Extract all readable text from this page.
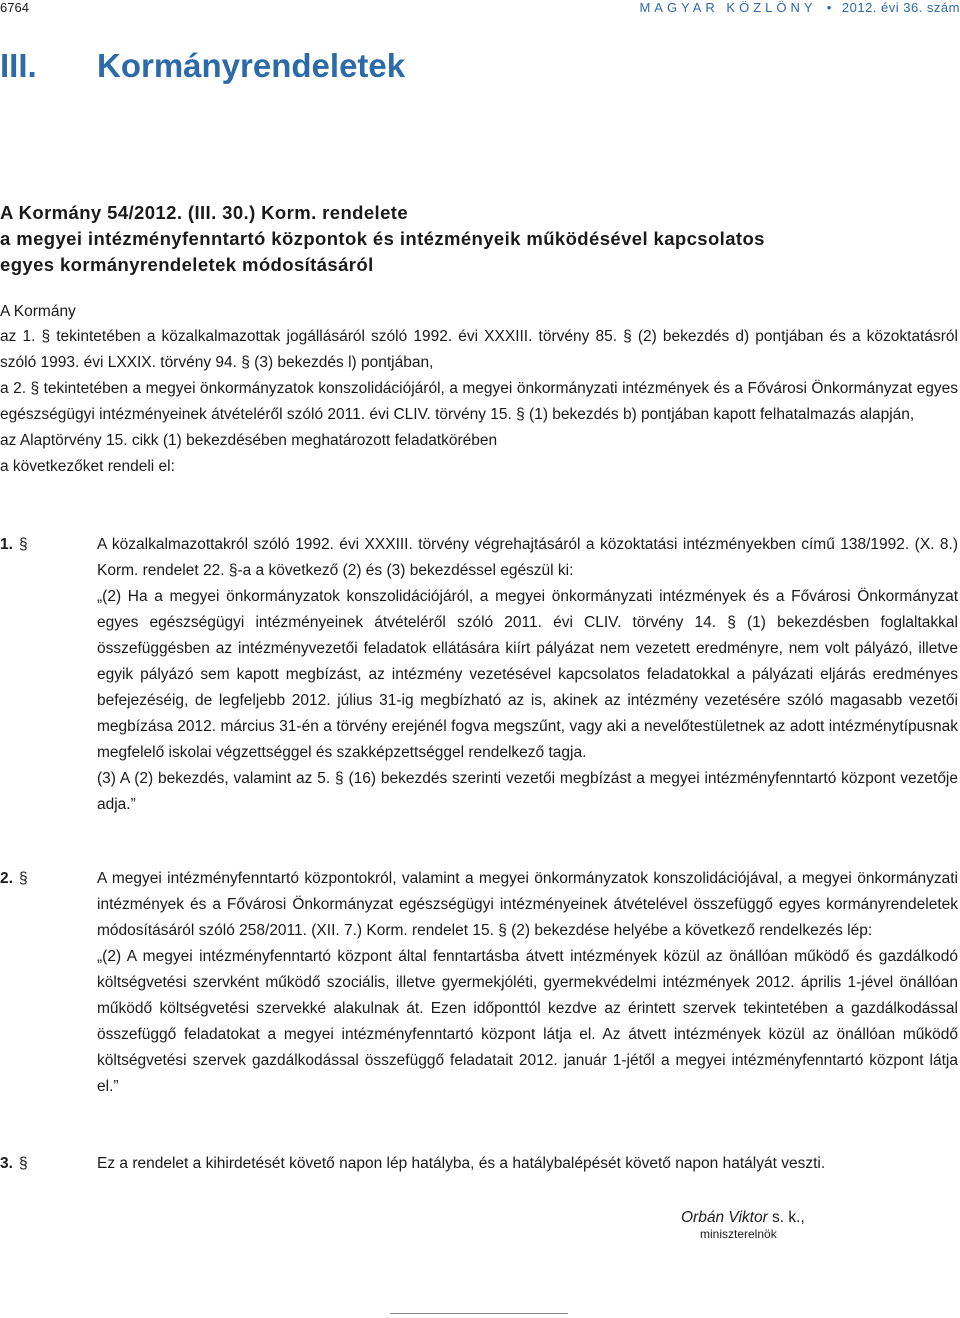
6764	MAGYAR KÖZLÖNY • 2012. évi 36. szám
III. Kormányrendeletek
A Kormány 54/2012. (III. 30.) Korm. rendelete
a megyei intézményfenntartó központok és intézményeik működésével kapcsolatos
egyes kormányrendeletek módosításáról
A Kormány

az 1. § tekintetében a közalkalmazottak jogállásáról szóló 1992. évi XXXIII. törvény 85. § (2) bekezdés d) pontjában és a közoktatásról szóló 1993. évi LXXIX. törvény 94. § (3) bekezdés l) pontjában,

a 2. § tekintetében a megyei önkormányzatok konszolidációjáról, a megyei önkormányzati intézmények és a Fővárosi Önkormányzat egyes egészségügyi intézményeinek átvételéről szóló 2011. évi CLIV. törvény 15. § (1) bekezdés b) pontjában kapott felhatalmazás alapján,

az Alaptörvény 15. cikk (1) bekezdésében meghatározott feladatkörében

a következőket rendeli el:

1. §	A közalkalmazottakról szóló 1992. évi XXXIII. törvény végrehajtásáról a közoktatási intézményekben című 138/1992. (X. 8.) Korm. rendelet 22. §-a a következő (2) és (3) bekezdéssel egészül ki:

„(2) Ha a megyei önkormányzatok konszolidációjáról, a megyei önkormányzati intézmények és a Fővárosi Önkormányzat egyes egészségügyi intézményeinek átvételéről szóló 2011. évi CLIV. törvény 14. § (1) bekezdésben foglaltakkal összefüggésben az intézményvezetői feladatok ellátására kiírt pályázat nem vezetett eredményre, nem volt pályázó, illetve egyik pályázó sem kapott megbízást, az intézmény vezetésével kapcsolatos feladatokkal a pályázati eljárás eredményes befejezéséig, de legfeljebb 2012. július 31-ig megbízható az is, akinek az intézmény vezetésére szóló magasabb vezetői megbízása 2012. március 31-én a törvény erejénél fogva megszűnt, vagy aki a nevelőtestületnek az adott intézménytípusnak megfelelő iskolai végzettséggel és szakképzettséggel rendelkező tagja.

(3) A (2) bekezdés, valamint az 5. § (16) bekezdés szerinti vezetői megbízást a megyei intézményfenntartó központ vezetője adja.”

2. §	A megyei intézményfenntartó központokról, valamint a megyei önkormányzatok konszolidációjával, a megyei önkormányzati intézmények és a Fővárosi Önkormányzat egészségügyi intézményeinek átvételével összefüggő egyes kormányrendeletek módosításáról szóló 258/2011. (XII. 7.) Korm. rendelet 15. § (2) bekezdése helyébe a következő rendelkezés lép:

„(2) A megyei intézményfenntartó központ által fenntartásba átvett intézmények közül az önállóan működő és gazdálkodó költségvetési szervként működő szociális, illetve gyermekjóléti, gyermekvédelmi intézmények 2012. április 1-jével önállóan működő költségvetési szervekké alakulnak át. Ezen időponttól kezdve az érintett szervek tekintetében a gazdálkodással összefüggő feladatokat a megyei intézményfenntartó központ látja el. Az átvett intézmények közül az önállóan működő költségvetési szervek gazdálkodással összefüggő feladatait 2012. január 1-jétől a megyei intézményfenntartó központ látja el.”

3. §	Ez a rendelet a kihirdetését követő napon lép hatályba, és a hatálybalépését követő napon hatályát veszti.

Orbán Viktor s. k.,
miniszterelnök
